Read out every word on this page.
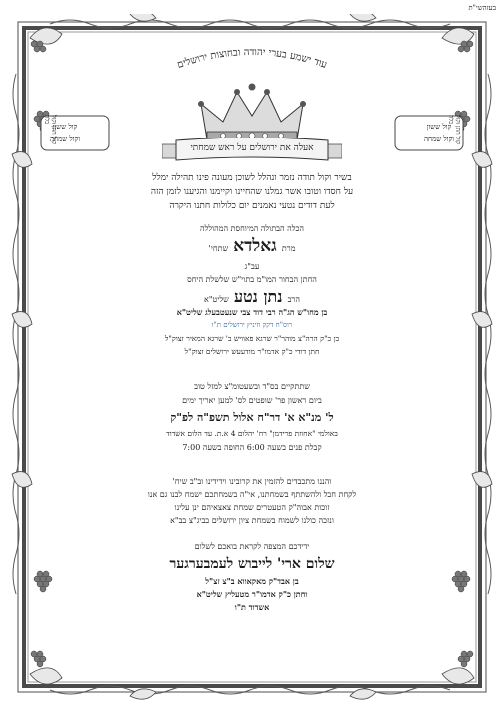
בעזהשי"ת
עוד ישמע בערי יהודה ובחוצות ירושלים
אעלה את ירושלים על ראש שמחתי
קול ששון
וקול שמחה
קול חתן וקול כלה
קול ששון
וקול שמחה קול חתן וקול כלה
בשיר וקול תודה נזמר ונהלל לשוכן מעונה פינו תהילה ימלל
על חסדו וטובו אשר גמלנו שהחיינו וקיימנו והגיענו לזמן הזה
לעת דודים נטעי נאמנים יום כלולות חתנו היקרה
הכלה הבתולה המיוחסת המהוללה
מרת גאלדא שתחי'
עב"ג
החתן הבחור המו"מ בתוי"ש שלשלת היחס
הרב נתן נטע שליט"א
בן מחו"ש הג"ה רבי דוד צבי שנעטבעלג שליט"א
רוס"ח דקק וזיניץ ירושלים ת"ו
בן כ"ק הרה"צ מוהר"ר שרגא פאוויש ב' שרגא המאיר זצוק"ל
חתן דודי כ"ק אדמו"ר מודעעש ירושלים זצוק"ל
שתתקיים בס"ד ובשעטומ"צ למזל טוב
ביום ראשון פר' שופטים לס' למען יאריך ימים
ל' מנ"א א' דר"ח אלול תשפ"ה לפ"ק
באולמי "אחוזת פרידמן" רח' יהלום 4 א.ת. עד הלום אשדוד
קבלת פנים בשעה 6:00 החופה בשעה 7:00
והננו מתכבדים להזמין את קרובינו וידידינו וב"ב שיח'
לקחת חבל ולהשתתף בשמחתנו, אי"ה בשמחתכם ישמח לבנו גם אנו
זוכות אבוה"ק הטעטרים שמחת צאצאיהם ינן עלינו
ונזכה כולנו לשמוח בשמחת ציון ירושלים בביג"צ בב"א
ידידכם המצפה לקראת בואכם לשלום
שלום ארי' לייבוש לעמבערגער
בן אבד"ק מאקאווא ב"צ זצ"ל
וחתן כ"ק אדמו"ר מטעליץ שליט"א
אשדוד ת"ו
